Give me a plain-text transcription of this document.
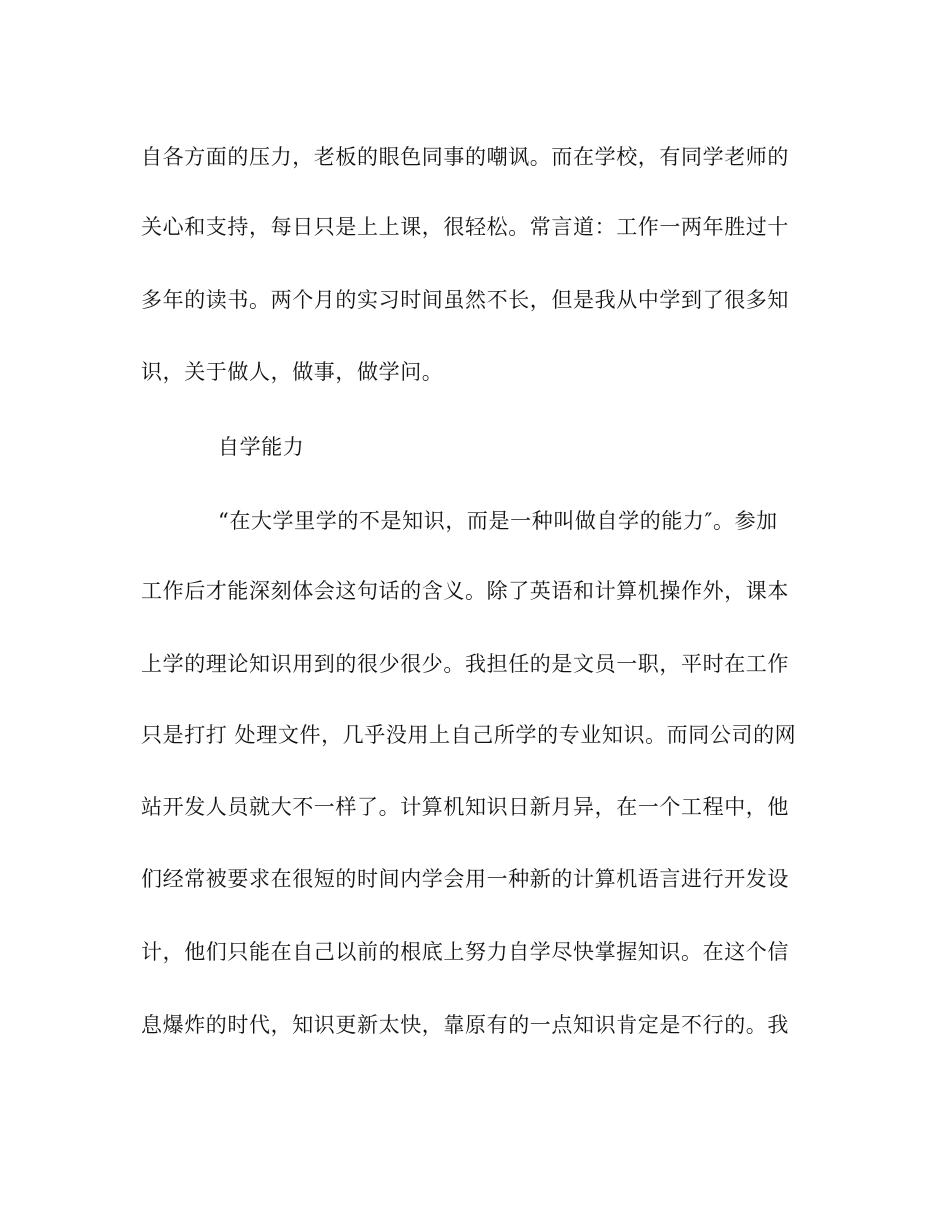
自各方面的压力，老板的眼色同事的嘲讽。而在学校，有同学老师的
关心和支持，每日只是上上课，很轻松。常言道：工作一两年胜过十
多年的读书。两个月的实习时间虽然不长，但是我从中学到了很多知
识，关于做人，做事，做学问。
自学能力
“在大学里学的不是知识，而是一种叫做自学的能力″。参加
工作后才能深刻体会这句话的含义。除了英语和计算机操作外，课本
上学的理论知识用到的很少很少。我担任的是文员一职，平时在工作
只是打打 处理文件，几乎没用上自己所学的专业知识。而同公司的网
站开发人员就大不一样了。计算机知识日新月异，在一个工程中，他
们经常被要求在很短的时间内学会用一种新的计算机语言进行开发设
计，他们只能在自己以前的根底上努力自学尽快掌握知识。在这个信
息爆炸的时代，知识更新太快，靠原有的一点知识肯定是不行的。我
